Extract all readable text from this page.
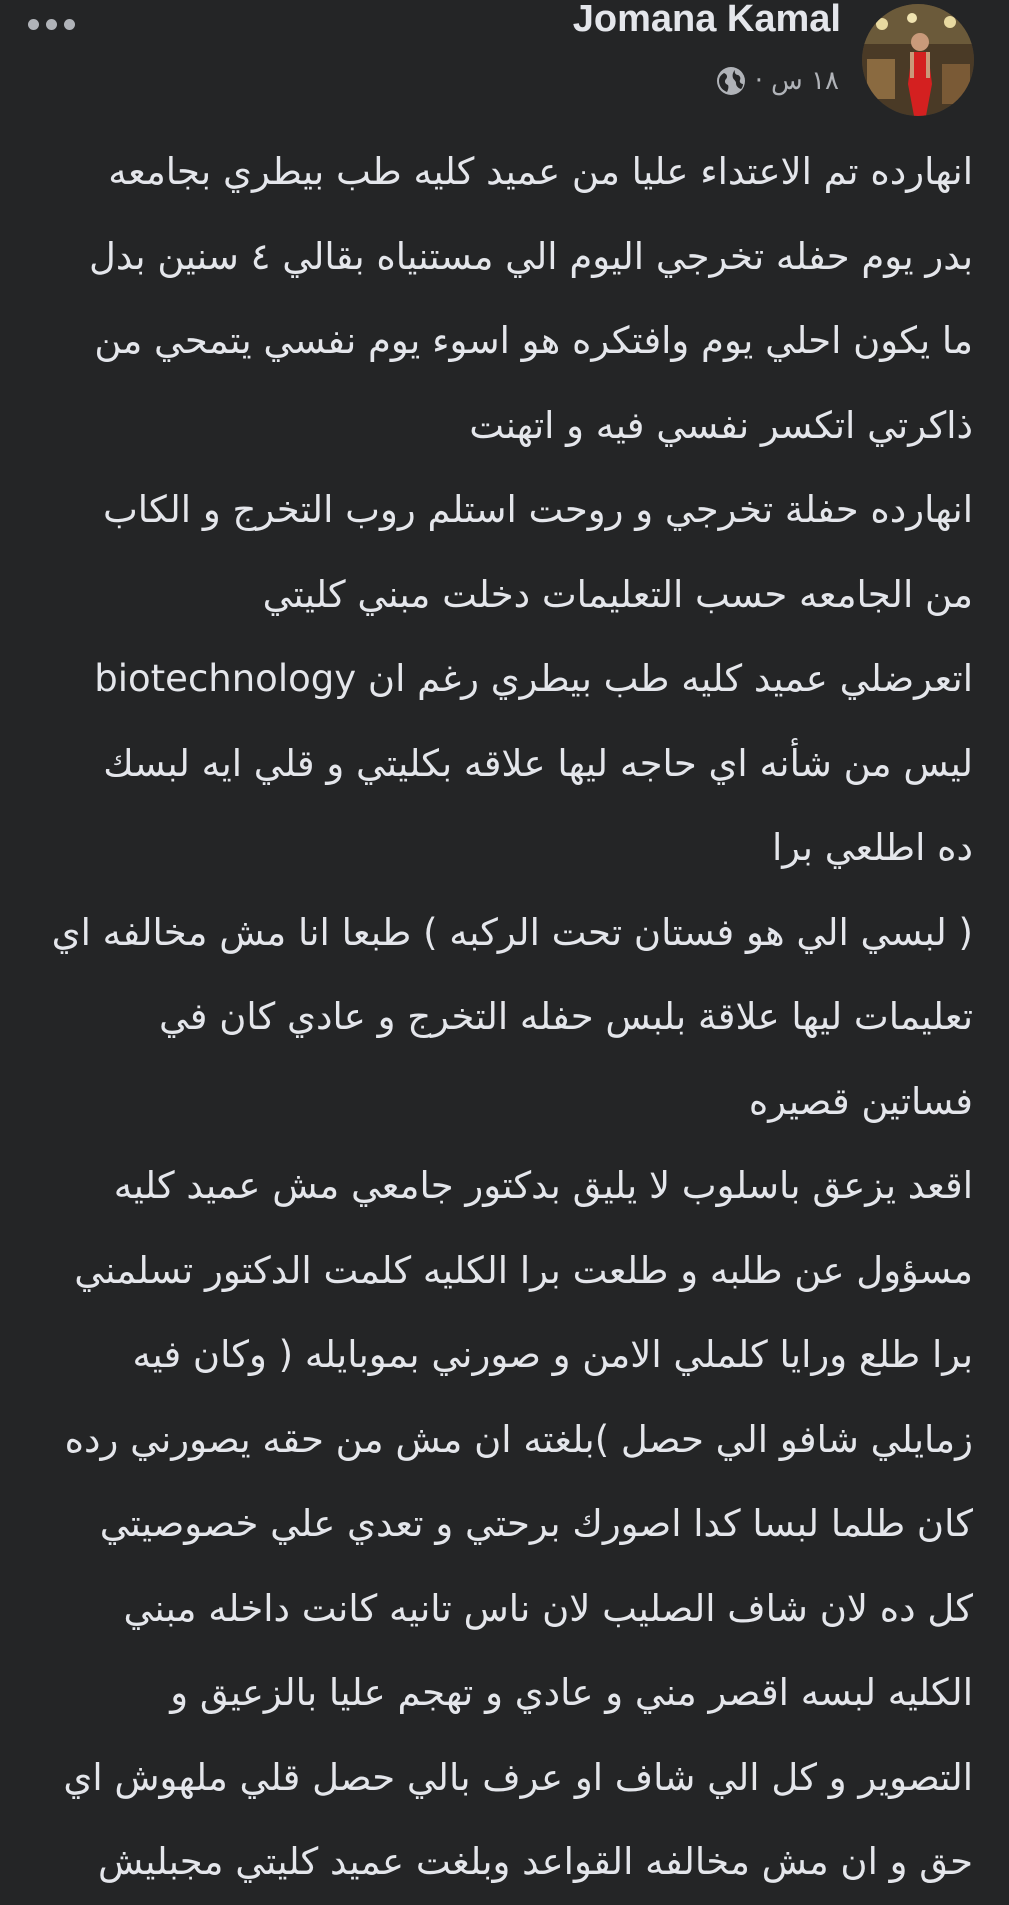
Jomana Kamal
١٨ س
·
انهارده تم الاعتداء عليا من عميد كليه طب بيطري بجامعه
بدر يوم حفله تخرجي اليوم الي مستنياه بقالي ٤ سنين بدل
ما يكون احلي يوم وافتكره هو اسوء يوم نفسي يتمحي من
ذاكرتي اتكسر نفسي فيه و اتهنت
انهارده حفلة تخرجي و روحت استلم روب التخرج و الكاب
من الجامعه حسب التعليمات دخلت مبني كليتي
biotechnology اتعرضلي عميد كليه طب بيطري رغم ان
ليس من شأنه اي حاجه ليها علاقه بكليتي و قلي ايه لبسك
ده اطلعي برا
( لبسي الي هو فستان تحت الركبه ) طبعا انا مش مخالفه اي
تعليمات ليها علاقة بلبس حفله التخرج و عادي كان في
فساتين قصيره
اقعد يزعق باسلوب لا يليق بدكتور جامعي مش عميد كليه
مسؤول عن طلبه و طلعت برا الكليه كلمت الدكتور تسلمني
برا طلع ورايا كلملي الامن و صورني بموبايله ( وكان فيه
زمايلي شافو الي حصل )بلغته ان مش من حقه يصورني رده
كان طلما لبسا كدا اصورك برحتي و تعدي علي خصوصيتي
كل ده لان شاف الصليب لان ناس تانيه كانت داخله مبني
الكليه لبسه اقصر مني و عادي و تهجم عليا بالزعيق و
التصوير و كل الي شاف او عرف بالي حصل قلي ملهوش اي
حق و ان مش مخالفه القواعد وبلغت عميد كليتي مجبليش
